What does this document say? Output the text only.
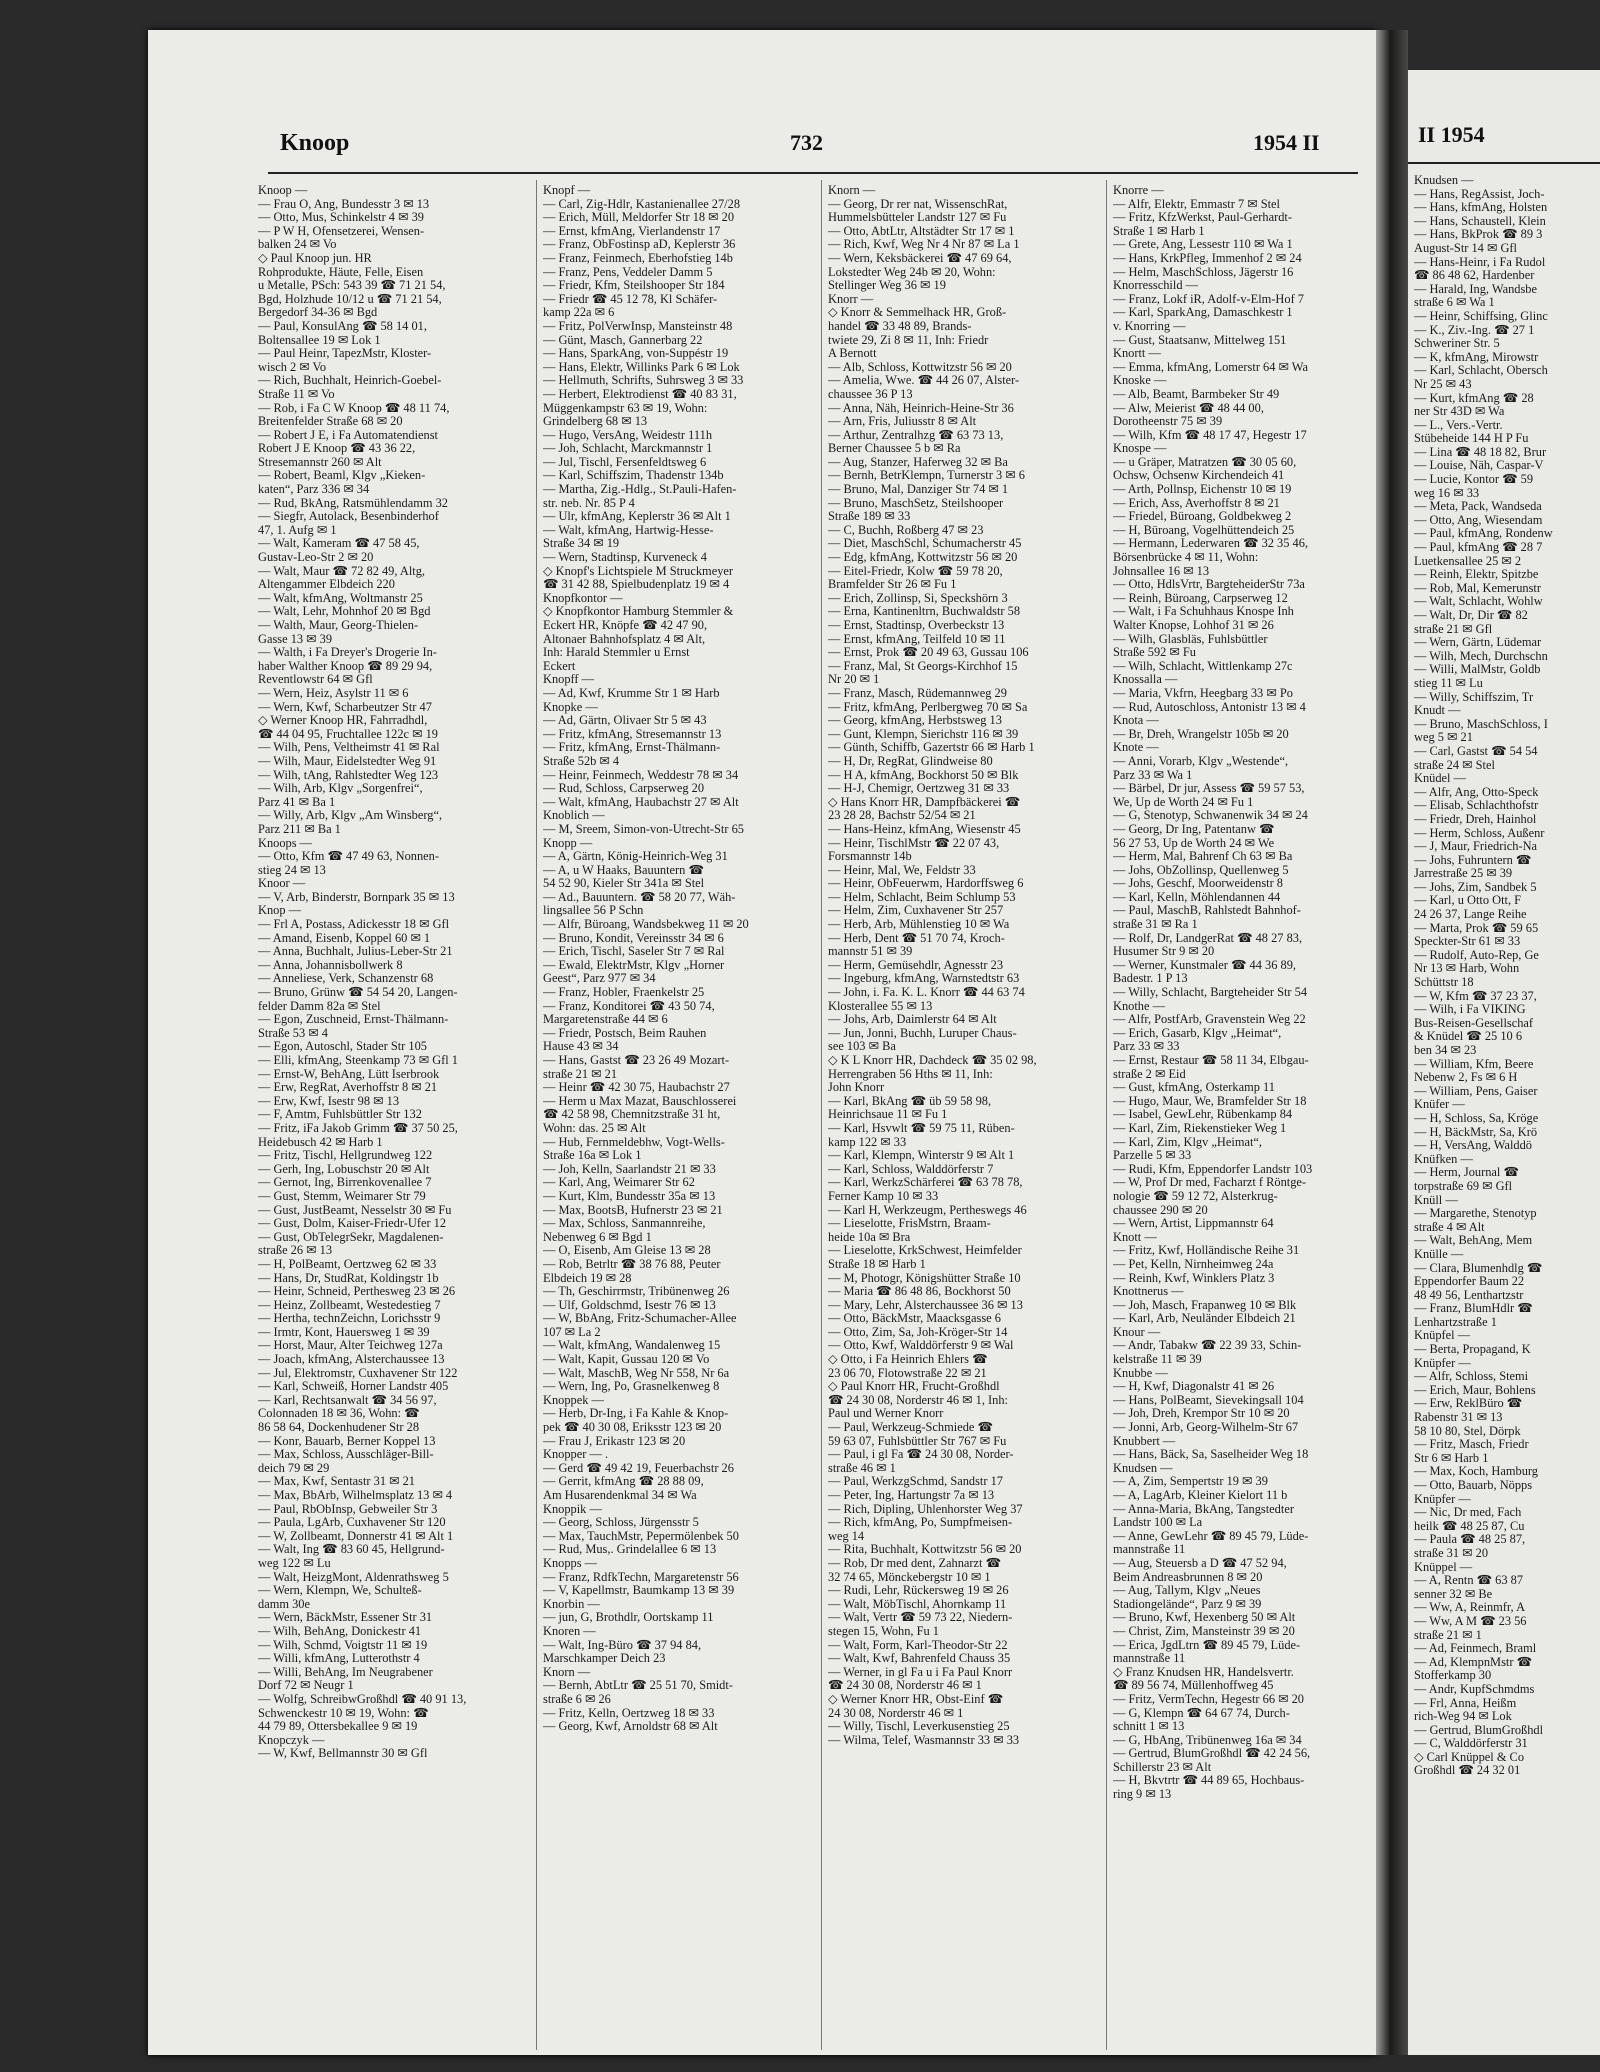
Knoop	732	1954 II
Knoop —
— Frau O, Ang, Bundesstr 3 ✉ 13
— Otto, Mus, Schinkelstr 4 ✉ 39
— P W H, Ofensetzerei, Wensen-
balken 24 ✉ Vo
◇ Paul Knoop jun. HR
Rohprodukte, Häute, Felle, Eisen
u Metalle, PSch: 543 39 ☎ 71 21 54,
Bgd, Holzhude 10/12 u ☎ 71 21 54,
Bergedorf 34-36 ✉ Bgd
— Paul, KonsulAng ☎ 58 14 01,
Boltensallee 19 ✉ Lok 1
— Paul Heinr, TapezMstr, Kloster-
wisch 2 ✉ Vo
— Rich, Buchhalt, Heinrich-Goebel-
Straße 11 ✉ Vo
— Rob, i Fa C W Knoop ☎ 48 11 74,
Breitenfelder Straße 68 ✉ 20
— Robert J E, i Fa Automatendienst
Robert J E Knoop ☎ 43 36 22,
Stresemannstr 260 ✉ Alt
— Robert, Beaml, Klgv „Kieken-
katen“, Parz 336 ✉ 34
— Rud, BkAng, Ratsmühlendamm 32
— Siegfr, Autolack, Besenbinderhof
47, 1. Aufg ✉ 1
— Walt, Kameram ☎ 47 58 45,
Gustav-Leo-Str 2 ✉ 20
— Walt, Maur ☎ 72 82 49, Altg,
Altengammer Elbdeich 220
— Walt, kfmAng, Woltmanstr 25
— Walt, Lehr, Mohnhof 20 ✉ Bgd
— Walth, Maur, Georg-Thielen-
Gasse 13 ✉ 39
— Walth, i Fa Dreyer's Drogerie In-
haber Walther Knoop ☎ 89 29 94,
Reventlowstr 64 ✉ Gfl
— Wern, Heiz, Asylstr 11 ✉ 6
— Wern, Kwf, Scharbeutzer Str 47
◇ Werner Knoop HR, Fahrradhdl,
☎ 44 04 95, Fruchtallee 122c ✉ 19
— Wilh, Pens, Veltheimstr 41 ✉ Ral
— Wilh, Maur, Eidelstedter Weg 91
— Wilh, tAng, Rahlstedter Weg 123
— Wilh, Arb, Klgv „Sorgenfrei“,
Parz 41 ✉ Ba 1
— Willy, Arb, Klgv „Am Winsberg“,
Parz 211 ✉ Ba 1
Knoops —
— Otto, Kfm ☎ 47 49 63, Nonnen-
stieg 24 ✉ 13
Knoor —
— V, Arb, Binderstr, Bornpark 35 ✉ 13
Knop —
— Frl A, Postass, Adickesstr 18 ✉ Gfl
— Amand, Eisenb, Koppel 60 ✉ 1
— Anna, Buchhalt, Julius-Leber-Str 21
— Anna, Johannisbollwerk 8
— Anneliese, Verk, Schanzenstr 68
— Bruno, Grünw ☎ 54 54 20, Langen-
felder Damm 82a ✉ Stel
— Egon, Zuschneid, Ernst-Thälmann-
Straße 53 ✉ 4
— Egon, Autoschl, Stader Str 105
— Elli, kfmAng, Steenkamp 73 ✉ Gfl 1
— Ernst-W, BehAng, Lütt Iserbrook
— Erw, RegRat, Averhoffstr 8 ✉ 21
— Erw, Kwf, Isestr 98 ✉ 13
— F, Amtm, Fuhlsbüttler Str 132
— Fritz, iFa Jakob Grimm ☎ 37 50 25,
Heidebusch 42 ✉ Harb 1
— Fritz, Tischl, Hellgrundweg 122
— Gerh, Ing, Lobuschstr 20 ✉ Alt
— Gernot, Ing, Birrenkovenallee 7
— Gust, Stemm, Weimarer Str 79
— Gust, JustBeamt, Nesselstr 30 ✉ Fu
— Gust, Dolm, Kaiser-Friedr-Ufer 12
— Gust, ObTelegrSekr, Magdalenen-
straße 26 ✉ 13
— H, PolBeamt, Oertzweg 62 ✉ 33
— Hans, Dr, StudRat, Koldingstr 1b
— Heinr, Schneid, Perthesweg 23 ✉ 26
— Heinz, Zollbeamt, Westedestieg 7
— Hertha, technZeichn, Lorichsstr 9
— Irmtr, Kont, Hauersweg 1 ✉ 39
— Horst, Maur, Alter Teichweg 127a
— Joach, kfmAng, Alsterchaussee 13
— Jul, Elektromstr, Cuxhavener Str 122
— Karl, Schweiß, Horner Landstr 405
— Karl, Rechtsanwalt ☎ 34 56 97,
Colonnaden 18 ✉ 36, Wohn: ☎
86 58 64, Dockenhudener Str 28
— Konr, Bauarb, Berner Koppel 13
— Max, Schloss, Ausschläger-Bill-
deich 79 ✉ 29
— Max, Kwf, Sentastr 31 ✉ 21
— Max, BbArb, Wilhelmsplatz 13 ✉ 4
— Paul, RbObInsp, Gebweiler Str 3
— Paula, LgArb, Cuxhavener Str 120
— W, Zollbeamt, Donnerstr 41 ✉ Alt 1
— Walt, Ing ☎ 83 60 45, Hellgrund-
weg 122 ✉ Lu
— Walt, HeizgMont, Aldenrathsweg 5
— Wern, Klempn, We, Schulteß-
damm 30e
— Wern, BäckMstr, Essener Str 31
— Wilh, BehAng, Donickestr 41
— Wilh, Schmd, Voigtstr 11 ✉ 19
— Willi, kfmAng, Lutterothstr 4
— Willi, BehAng, Im Neugrabener
Dorf 72 ✉ Neugr 1
— Wolfg, SchreibwGroßhdl ☎ 40 91 13,
Schwenckestr 10 ✉ 19, Wohn: ☎
44 79 89, Ottersbekallee 9 ✉ 19
Knopczyk —
— W, Kwf, Bellmannstr 30 ✉ Gfl
Knopf —
— Carl, Zig-Hdlr, Kastanienallee 27/28
— Erich, Müll, Meldorfer Str 18 ✉ 20
— Ernst, kfmAng, Vierlandenstr 17
— Franz, ObFostinsp aD, Keplerstr 36
— Franz, Feinmech, Eberhofstieg 14b
— Franz, Pens, Veddeler Damm 5
— Friedr, Kfm, Steilshooper Str 184
— Friedr ☎ 45 12 78, Kl Schäfer-
kamp 22a ✉ 6
— Fritz, PolVerwInsp, Mansteinstr 48
— Günt, Masch, Gannerbarg 22
— Hans, SparkAng, von-Suppéstr 19
— Hans, Elektr, Willinks Park 6 ✉ Lok
— Hellmuth, Schrifts, Suhrsweg 3 ✉ 33
— Herbert, Elektrodienst ☎ 40 83 31,
Müggenkampstr 63 ✉ 19, Wohn:
Grindelberg 68 ✉ 13
— Hugo, VersAng, Weidestr 111h
— Joh, Schlacht, Marckmannstr 1
— Jul, Tischl, Fersenfeldtsweg 6
— Karl, Schiffszim, Thadenstr 134b
— Martha, Zig.-Hdlg., St.Pauli-Hafen-
str. neb. Nr. 85 P 4
— Ulr, kfmAng, Keplerstr 36 ✉ Alt 1
— Walt, kfmAng, Hartwig-Hesse-
Straße 34 ✉ 19
— Wern, Stadtinsp, Kurveneck 4
◇ Knopf's Lichtspiele M Struckmeyer
☎ 31 42 88, Spielbudenplatz 19 ✉ 4
Knopfkontor —
◇ Knopfkontor Hamburg Stemmler &
Eckert HR, Knöpfe ☎ 42 47 90,
Altonaer Bahnhofsplatz 4 ✉ Alt,
Inh: Harald Stemmler u Ernst
Eckert
Knopff —
— Ad, Kwf, Krumme Str 1 ✉ Harb
Knopke —
— Ad, Gärtn, Olivaer Str 5 ✉ 43
— Fritz, kfmAng, Stresemannstr 13
— Fritz, kfmAng, Ernst-Thälmann-
Straße 52b ✉ 4
— Heinr, Feinmech, Weddestr 78 ✉ 34
— Rud, Schloss, Carpserweg 20
— Walt, kfmAng, Haubachstr 27 ✉ Alt
Knoblich —
— M, Sreem, Simon-von-Utrecht-Str 65
Knopp —
— A, Gärtn, König-Heinrich-Weg 31
— A, u W Haaks, Bauuntern ☎
54 52 90, Kieler Str 341a ✉ Stel
— Ad., Bauuntern. ☎ 58 20 77, Wäh-
lingsallee 56 P Schn
— Alfr, Büroang, Wandsbekweg 11 ✉ 20
— Bruno, Kondit, Vereinsstr 34 ✉ 6
— Erich, Tischl, Saseler Str 7 ✉ Ral
— Ewald, ElektrMstr, Klgv „Horner
Geest“, Parz 977 ✉ 34
— Franz, Hobler, Fraenkelstr 25
— Franz, Konditorei ☎ 43 50 74,
Margaretenstraße 44 ✉ 6
— Friedr, Postsch, Beim Rauhen
Hause 43 ✉ 34
— Hans, Gastst ☎ 23 26 49 Mozart-
straße 21 ✉ 21
— Heinr ☎ 42 30 75, Haubachstr 27
— Herm u Max Mazat, Bauschlosserei
☎ 42 58 98, Chemnitzstraße 31 ht,
Wohn: das. 25 ✉ Alt
— Hub, Fernmeldebhw, Vogt-Wells-
Straße 16a ✉ Lok 1
— Joh, Kelln, Saarlandstr 21 ✉ 33
— Karl, Ang, Weimarer Str 62
— Kurt, Klm, Bundesstr 35a ✉ 13
— Max, BootsB, Hufnerstr 23 ✉ 21
— Max, Schloss, Sanmannreihe,
Nebenweg 6 ✉ Bgd 1
— O, Eisenb, Am Gleise 13 ✉ 28
— Rob, Betrltr ☎ 38 76 88, Peuter
Elbdeich 19 ✉ 28
— Th, Geschirrmstr, Tribünenweg 26
— Ulf, Goldschmd, Isestr 76 ✉ 13
— W, BbAng, Fritz-Schumacher-Allee
107 ✉ La 2
— Walt, kfmAng, Wandalenweg 15
— Walt, Kapit, Gussau 120 ✉ Vo
— Walt, MaschB, Weg Nr 558, Nr 6a
— Wern, Ing, Po, Grasnelkenweg 8
Knoppek —
— Herb, Dr-Ing, i Fa Kahle & Knop-
pek ☎ 40 30 08, Eriksstr 123 ✉ 20
— Frau J, Erikastr 123 ✉ 20
Knopper — .
— Gerd ☎ 49 42 19, Feuerbachstr 26
— Gerrit, kfmAng ☎ 28 88 09,
Am Husarendenkmal 34 ✉ Wa
Knoppik —
— Georg, Schloss, Jürgensstr 5
— Max, TauchMstr, Pepermölenbek 50
— Rud, Mus,. Grindelallee 6 ✉ 13
Knopps —
— Franz, RdfkTechn, Margaretenstr 56
— V, Kapellmstr, Baumkamp 13 ✉ 39
Knorbin —
— jun, G, Brothdlr, Oortskamp 11
Knoren —
— Walt, Ing-Büro ☎ 37 94 84,
Marschkamper Deich 23
Knorn —
— Bernh, AbtLtr ☎ 25 51 70, Smidt-
straße 6 ✉ 26
— Fritz, Kelln, Oertzweg 18 ✉ 33
— Georg, Kwf, Arnoldstr 68 ✉ Alt
Knorn —
— Georg, Dr rer nat, WissenschRat,
Hummelsbütteler Landstr 127 ✉ Fu
— Otto, AbtLtr, Altstädter Str 17 ✉ 1
— Rich, Kwf, Weg Nr 4 Nr 87 ✉ La 1
— Wern, Keksbäckerei ☎ 47 69 64,
Lokstedter Weg 24b ✉ 20, Wohn:
Stellinger Weg 36 ✉ 19
Knorr —
◇ Knorr & Semmelhack HR, Groß-
handel ☎ 33 48 89, Brands-
twiete 29, Zi 8 ✉ 11, Inh: Friedr
A Bernott
— Alb, Schloss, Kottwitzstr 56 ✉ 20
— Amelia, Wwe. ☎ 44 26 07, Alster-
chaussee 36 P 13
— Anna, Näh, Heinrich-Heine-Str 36
— Arn, Fris, Juliusstr 8 ✉ Alt
— Arthur, Zentralhzg ☎ 63 73 13,
Berner Chaussee 5 b ✉ Ra
— Aug, Stanzer, Haferweg 32 ✉ Ba
— Bernh, BetrKlempn, Turnerstr 3 ✉ 6
— Bruno, Mal, Danziger Str 74 ✉ 1
— Bruno, MaschSetz, Steilshooper
Straße 189 ✉ 33
— C, Buchh, Roßberg 47 ✉ 23
— Diet, MaschSchl, Schumacherstr 45
— Edg, kfmAng, Kottwitzstr 56 ✉ 20
— Eitel-Friedr, Kolw ☎ 59 78 20,
Bramfelder Str 26 ✉ Fu 1
— Erich, Zollinsp, Si, Speckshörn 3
— Erna, Kantinenltrn, Buchwaldstr 58
— Ernst, Stadtinsp, Overbeckstr 13
— Ernst, kfmAng, Teilfeld 10 ✉ 11
— Ernst, Prok ☎ 20 49 63, Gussau 106
— Franz, Mal, St Georgs-Kirchhof 15
Nr 20 ✉ 1
— Franz, Masch, Rüdemannweg 29
— Fritz, kfmAng, Perlbergweg 70 ✉ Sa
— Georg, kfmAng, Herbstsweg 13
— Gunt, Klempn, Sierichstr 116 ✉ 39
— Günth, Schiffb, Gazertstr 66 ✉ Harb 1
— H, Dr, RegRat, Glindweise 80
— H A, kfmAng, Bockhorst 50 ✉ Blk
— H-J, Chemigr, Oertzweg 31 ✉ 33
◇ Hans Knorr HR, Dampfbäckerei ☎
23 28 28, Bachstr 52/54 ✉ 21
— Hans-Heinz, kfmAng, Wiesenstr 45
— Heinr, TischlMstr ☎ 22 07 43,
Forsmannstr 14b
— Heinr, Mal, We, Feldstr 33
— Heinr, ObFeuerwm, Hardorffsweg 6
— Helm, Schlacht, Beim Schlump 53
— Helm, Zim, Cuxhavener Str 257
— Herb, Arb, Mühlenstieg 10 ✉ Wa
— Herb, Dent ☎ 51 70 74, Kroch-
mannstr 51 ✉ 39
— Herm, Gemüsehdlr, Agnesstr 23
— Ingeburg, kfmAng, Warnstedtstr 63
— John, i. Fa. K. L. Knorr ☎ 44 63 74
Klosterallee 55 ✉ 13
— Johs, Arb, Daimlerstr 64 ✉ Alt
— Jun, Jonni, Buchh, Luruper Chaus-
see 103 ✉ Ba
◇ K L Knorr HR, Dachdeck ☎ 35 02 98,
Herrengraben 56 Hths ✉ 11, Inh:
John Knorr
— Karl, BkAng ☎ üb 59 58 98,
Heinrichsaue 11 ✉ Fu 1
— Karl, Hsvwlt ☎ 59 75 11, Rüben-
kamp 122 ✉ 33
— Karl, Klempn, Winterstr 9 ✉ Alt 1
— Karl, Schloss, Walddörferstr 7
— Karl, WerkzSchärferei ☎ 63 78 78,
Ferner Kamp 10 ✉ 33
— Karl H, Werkzeugm, Pertheswegs 46
— Lieselotte, FrisMstrn, Braam-
heide 10a ✉ Bra
— Lieselotte, KrkSchwest, Heimfelder
Straße 18 ✉ Harb 1
— M, Photogr, Königshütter Straße 10
— Maria ☎ 86 48 86, Bockhorst 50
— Mary, Lehr, Alsterchaussee 36 ✉ 13
— Otto, BäckMstr, Maacksgasse 6
— Otto, Zim, Sa, Joh-Kröger-Str 14
— Otto, Kwf, Walddörferstr 9 ✉ Wal
◇ Otto, i Fa Heinrich Ehlers ☎
23 06 70, Flotowstraße 22 ✉ 21
◇ Paul Knorr HR, Frucht-Großhdl
☎ 24 30 08, Norderstr 46 ✉ 1, Inh:
Paul und Werner Knorr
— Paul, Werkzeug-Schmiede ☎
59 63 07, Fuhlsbüttler Str 767 ✉ Fu
— Paul, i gl Fa ☎ 24 30 08, Norder-
straße 46 ✉ 1
— Paul, WerkzgSchmd, Sandstr 17
— Peter, Ing, Hartungstr 7a ✉ 13
— Rich, Dipling, Uhlenhorster Weg 37
— Rich, kfmAng, Po, Sumpfmeisen-
weg 14
— Rita, Buchhalt, Kottwitzstr 56 ✉ 20
— Rob, Dr med dent, Zahnarzt ☎
32 74 65, Mönckebergstr 10 ✉ 1
— Rudi, Lehr, Rückersweg 19 ✉ 26
— Walt, MöbTischl, Ahornkamp 11
— Walt, Vertr ☎ 59 73 22, Niedern-
stegen 15, Wohn, Fu 1
— Walt, Form, Karl-Theodor-Str 22
— Walt, Kwf, Bahrenfeld Chauss 35
— Werner, in gl Fa u i Fa Paul Knorr
☎ 24 30 08, Norderstr 46 ✉ 1
◇ Werner Knorr HR, Obst-Einf ☎
24 30 08, Norderstr 46 ✉ 1
— Willy, Tischl, Leverkusenstieg 25
— Wilma, Telef, Wasmannstr 33 ✉ 33
Knorre —
— Alfr, Elektr, Emmastr 7 ✉ Stel
— Fritz, KfzWerkst, Paul-Gerhardt-
Straße 1 ✉ Harb 1
— Grete, Ang, Lessestr 110 ✉ Wa 1
— Hans, KrkPfleg, Immenhof 2 ✉ 24
— Helm, MaschSchloss, Jägerstr 16
Knorresschild —
— Franz, Lokf iR, Adolf-v-Elm-Hof 7
— Karl, SparkAng, Damaschkestr 1
v. Knorring —
— Gust, Staatsanw, Mittelweg 151
Knortt —
— Emma, kfmAng, Lomerstr 64 ✉ Wa
Knoske —
— Alb, Beamt, Barmbeker Str 49
— Alw, Meierist ☎ 48 44 00,
Dorotheenstr 75 ✉ 39
— Wilh, Kfm ☎ 48 17 47, Hegestr 17
Knospe —
— u Gräper, Matratzen ☎ 30 05 60,
Ochsw, Ochsenw Kirchendeich 41
— Arth, Pollnsp, Eichenstr 10 ✉ 19
— Erich, Ass, Averhoffstr 8 ✉ 21
— Friedel, Büroang, Goldbekweg 2
— H, Büroang, Vogelhüttendeich 25
— Hermann, Lederwaren ☎ 32 35 46,
Börsenbrücke 4 ✉ 11, Wohn:
Johnsallee 16 ✉ 13
— Otto, HdlsVrtr, BargteheiderStr 73a
— Reinh, Büroang, Carpserweg 12
— Walt, i Fa Schuhhaus Knospe Inh
Walter Knopse, Lohhof 31 ✉ 26
— Wilh, Glasbläs, Fuhlsbüttler
Straße 592 ✉ Fu
— Wilh, Schlacht, Wittlenkamp 27c
Knossalla —
— Maria, Vkfrn, Heegbarg 33 ✉ Po
— Rud, Autoschloss, Antonistr 13 ✉ 4
Knota —
— Br, Dreh, Wrangelstr 105b ✉ 20
Knote —
— Anni, Vorarb, Klgv „Westende“,
Parz 33 ✉ Wa 1
— Bärbel, Dr jur, Assess ☎ 59 57 53,
We, Up de Worth 24 ✉ Fu 1
— G, Stenotyp, Schwanenwik 34 ✉ 24
— Georg, Dr Ing, Patentanw ☎
56 27 53, Up de Worth 24 ✉ We
— Herm, Mal, Bahrenf Ch 63 ✉ Ba
— Johs, ObZollinsp, Quellenweg 5
— Johs, Geschf, Moorweidenstr 8
— Karl, Kelln, Möhlendannen 44
— Paul, MaschB, Rahlstedt Bahnhof-
straße 31 ✉ Ra 1
— Rolf, Dr, LandgerRat ☎ 48 27 83,
Husumer Str 9 ✉ 20
— Werner, Kunstmaler ☎ 44 36 89,
Badestr. 1 P 13
— Willy, Schlacht, Bargteheider Str 54
Knothe —
— Alfr, PostfArb, Gravenstein Weg 22
— Erich, Gasarb, Klgv „Heimat“,
Parz 33 ✉ 33
— Ernst, Restaur ☎ 58 11 34, Elbgau-
straße 2 ✉ Eid
— Gust, kfmAng, Osterkamp 11
— Hugo, Maur, We, Bramfelder Str 18
— Isabel, GewLehr, Rübenkamp 84
— Karl, Zim, Riekenstieker Weg 1
— Karl, Zim, Klgv „Heimat“,
Parzelle 5 ✉ 33
— Rudi, Kfm, Eppendorfer Landstr 103
— W, Prof Dr med, Facharzt f Röntge-
nologie ☎ 59 12 72, Alsterkrug-
chaussee 290 ✉ 20
— Wern, Artist, Lippmannstr 64
Knott —
— Fritz, Kwf, Holländische Reihe 31
— Pet, Kelln, Nirnheimweg 24a
— Reinh, Kwf, Winklers Platz 3
Knottnerus —
— Joh, Masch, Frapanweg 10 ✉ Blk
— Karl, Arb, Neuländer Elbdeich 21
Knour —
— Andr, Tabakw ☎ 22 39 33, Schin-
kelstraße 11 ✉ 39
Knubbe —
— H, Kwf, Diagonalstr 41 ✉ 26
— Hans, PolBeamt, Sievekingsall 104
— Joh, Dreh, Krempor Str 10 ✉ 20
— Jonni, Arb, Georg-Wilhelm-Str 67
Knubbert —
— Hans, Bäck, Sa, Saselheider Weg 18
Knudsen —
— A, Zim, Sempertstr 19 ✉ 39
— A, LagArb, Kleiner Kielort 11 b
— Anna-Maria, BkAng, Tangstedter
Landstr 100 ✉ La
— Anne, GewLehr ☎ 89 45 79, Lüde-
mannstraße 11
— Aug, Steuersb a D ☎ 47 52 94,
Beim Andreasbrunnen 8 ✉ 20
— Aug, Tallym, Klgv „Neues
Stadiongelände“, Parz 9 ✉ 39
— Bruno, Kwf, Hexenberg 50 ✉ Alt
— Christ, Zim, Mansteinstr 39 ✉ 20
— Erica, JgdLtrn ☎ 89 45 79, Lüde-
mannstraße 11
◇ Franz Knudsen HR, Handelsvertr.
☎ 89 56 74, Müllenhoffweg 45
— Fritz, VermTechn, Hegestr 66 ✉ 20
— G, Klempn ☎ 64 67 74, Durch-
schnitt 1 ✉ 13
— G, HbAng, Tribünenweg 16a ✉ 34
— Gertrud, BlumGroßhdl ☎ 42 24 56,
Schillerstr 23 ✉ Alt
— H, Bkvtrtr ☎ 44 89 65, Hochbaus-
ring 9 ✉ 13
II 1954
Knudsen —
— Hans, RegAssist, Joch-
— Hans, kfmAng, Holsten
— Hans, Schaustell, Klein
— Hans, BkProk ☎ 89 3
August-Str 14 ✉ Gfl
— Hans-Heinr, i Fa Rudol
☎ 86 48 62, Hardenber
— Harald, Ing, Wandsbe
straße 6 ✉ Wa 1
— Heinr, Schiffsing, Glinc
— K., Ziv.-Ing. ☎ 27 1
Schweriner Str. 5
— K, kfmAng, Mirowstr
— Karl, Schlacht, Obersch
Nr 25 ✉ 43
— Kurt, kfmAng ☎ 28
ner Str 43D ✉ Wa
— L., Vers.-Vertr.
Stübeheide 144 H P Fu
— Lina ☎ 48 18 82, Brur
— Louise, Näh, Caspar-V
— Lucie, Kontor ☎ 59
weg 16 ✉ 33
— Meta, Pack, Wandseda
— Otto, Ang, Wiesendam
— Paul, kfmAng, Rondenw
— Paul, kfmAng ☎ 28 7
Luetkensallee 25 ✉ 2
— Reinh, Elektr, Spitzbe
— Rob, Mal, Kemerunstr
— Walt, Schlacht, Wohlw
— Walt, Dr, Dir ☎ 82
straße 21 ✉ Gfl
— Wern, Gärtn, Lüdemar
— Wilh, Mech, Durchschn
— Willi, MalMstr, Goldb
stieg 11 ✉ Lu
— Willy, Schiffszim, Tr
Knudt —
— Bruno, MaschSchloss, I
weg 5 ✉ 21
— Carl, Gastst ☎ 54 54
straße 24 ✉ Stel
Knüdel —
— Alfr, Ang, Otto-Speck
— Elisab, Schlachthofstr
— Friedr, Dreh, Hainhol
— Herm, Schloss, Außenr
— J, Maur, Friedrich-Na
— Johs, Fuhruntern ☎
Jarrestraße 25 ✉ 39
— Johs, Zim, Sandbek 5
— Karl, u Otto Ott, F
24 26 37, Lange Reihe
— Marta, Prok ☎ 59 65
Speckter-Str 61 ✉ 33
— Rudolf, Auto-Rep, Ge
Nr 13 ✉ Harb, Wohn
Schüttstr 18
— W, Kfm ☎ 37 23 37,
— Wilh, i Fa VIKING
Bus-Reisen-Gesellschaf
& Knüdel ☎ 25 10 6
ben 34 ✉ 23
— William, Kfm, Beere
Nebenw 2, Fs ✉ 6 H
— William, Pens, Gaiser
Knüfer —
— H, Schloss, Sa, Kröge
— H, BäckMstr, Sa, Krö
— H, VersAng, Walddö
Knüfken —
— Herm, Journal ☎
torpstraße 69 ✉ Gfl
Knüll —
— Margarethe, Stenotyp
straße 4 ✉ Alt
— Walt, BehAng, Mem
Knülle —
— Clara, Blumenhdlg ☎
Eppendorfer Baum 22
48 49 56, Lenthartzstr
— Franz, BlumHdlr ☎
Lenhartzstraße 1
Knüpfel —
— Berta, Propagand, K
Knüpfer —
— Alfr, Schloss, Stemi
— Erich, Maur, Bohlens
— Erw, ReklBüro ☎
Rabenstr 31 ✉ 13
58 10 80, Stel, Dörpk
— Fritz, Masch, Friedr
Str 6 ✉ Harb 1
— Max, Koch, Hamburg
— Otto, Bauarb, Nöpps
Knüpfer —
— Nic, Dr med, Fach
heilk ☎ 48 25 87, Cu
— Paula ☎ 48 25 87,
straße 31 ✉ 20
Knüppel —
— A, Rentn ☎ 63 87
senner 32 ✉ Be
— Ww, A, Reinmfr, A
— Ww, A M ☎ 23 56
straße 21 ✉ 1
— Ad, Feinmech, Braml
— Ad, KlempnMstr ☎
Stofferkamp 30
— Andr, KupfSchmdms
— Frl, Anna, Heißm
rich-Weg 94 ✉ Lok
— Gertrud, BlumGroßhdl
— C, Walddörferstr 31
◇ Carl Knüppel & Co
Großhdl ☎ 24 32 01
